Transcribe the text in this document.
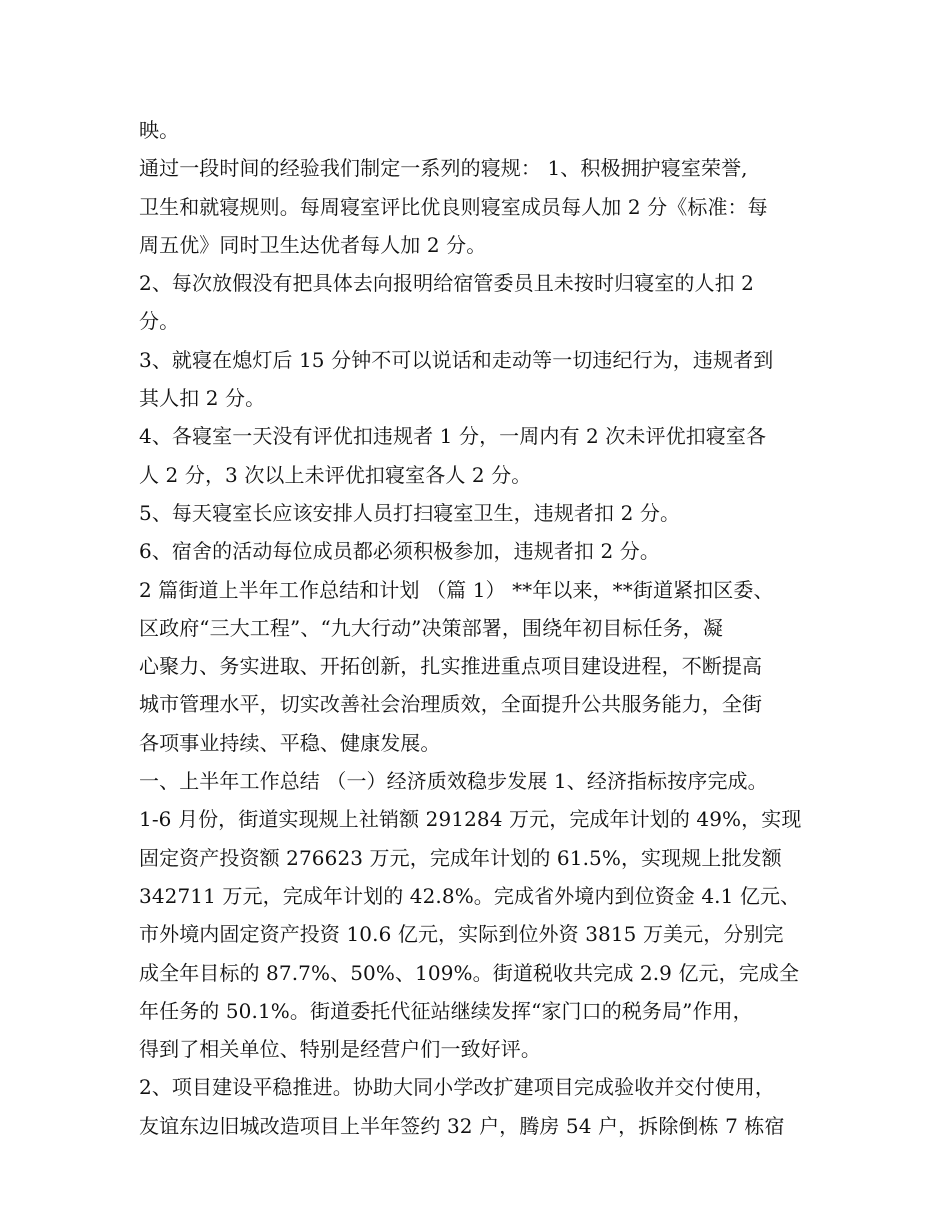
映。
通过一段时间的经验我们制定一系列的寝规： 1、积极拥护寝室荣誉,
卫生和就寝规则。每周寝室评比优良则寝室成员每人加 2 分《标准：每
周五优》同时卫生达优者每人加 2 分。
2、每次放假没有把具体去向报明给宿管委员且未按时归寝室的人扣 2
分。
3、就寝在熄灯后 15 分钟不可以说话和走动等一切违纪行为，违规者到
其人扣 2 分。
4、各寝室一天没有评优扣违规者 1 分，一周内有 2 次未评优扣寝室各
人 2 分，3 次以上未评优扣寝室各人 2 分。
5、每天寝室长应该安排人员打扫寝室卫生，违规者扣 2 分。
6、宿舍的活动每位成员都必须积极参加，违规者扣 2 分。
2 篇街道上半年工作总结和计划 （篇 1） **年以来，**街道紧扣区委、
区政府“三大工程”、“九大行动”决策部署，围绕年初目标任务，凝
心聚力、务实进取、开拓创新，扎实推进重点项目建设进程，不断提高
城市管理水平，切实改善社会治理质效，全面提升公共服务能力，全街
各项事业持续、平稳、健康发展。
一、上半年工作总结 （一）经济质效稳步发展 1、经济指标按序完成。
1-6 月份，街道实现规上社销额 291284 万元，完成年计划的 49%，实现
固定资产投资额 276623 万元，完成年计划的 61.5%，实现规上批发额
342711 万元，完成年计划的 42.8%。完成省外境内到位资金 4.1 亿元、
市外境内固定资产投资 10.6 亿元，实际到位外资 3815 万美元，分别完
成全年目标的 87.7%、50%、109%。街道税收共完成 2.9 亿元，完成全
年任务的 50.1%。街道委托代征站继续发挥“家门口的税务局”作用，
得到了相关单位、特别是经营户们一致好评。
2、项目建设平稳推进。协助大同小学改扩建项目完成验收并交付使用，
友谊东边旧城改造项目上半年签约 32 户，腾房 54 户，拆除倒栋 7 栋宿
